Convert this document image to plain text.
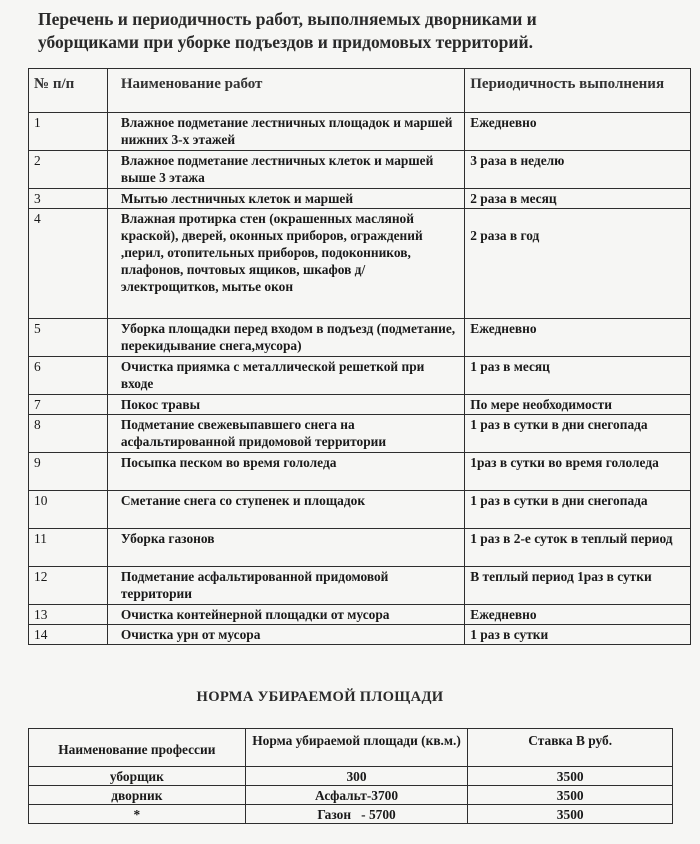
Перечень и периодичность работ, выполняемых дворниками и
уборщиками при уборке подъездов и придомовых территорий.
№ п/п	Наименование работ	Периодичность выполнения
1	Влажное подметание лестничных площадок и маршей нижних 3-х этажей	Ежедневно
2	Влажное подметание лестничных клеток и маршей выше 3 этажа	3 раза в неделю
3	Мытью лестничных клеток и маршей	2 раза в месяц
4	Влажная протирка стен (окрашенных масляной краской), дверей, оконных приборов, ограждений ,перил, отопительных приборов, подоконников, плафонов, почтовых ящиков, шкафов д/электрощитков, мытье окон	2 раза в год
5	Уборка площадки перед входом в подъезд (подметание, перекидывание снега,мусора)	Ежедневно
6	Очистка приямка с металлической решеткой при входе	1 раз в месяц
7	Покос травы	По мере необходимости
8	Подметание свежевыпавшего снега на асфальтированной придомовой территории	1 раз в сутки в дни снегопада
9	Посыпка песком во время гололеда	1раз в сутки во время гололеда
10	Сметание снега со ступенек и площадок	1 раз в сутки в дни снегопада
11	Уборка газонов	1 раз в 2-е суток в теплый период
12	Подметание асфальтированной придомовой территории	В теплый период 1раз в сутки
13	Очистка контейнерной площадки от мусора	Ежедневно
14	Очистка урн от мусора	1 раз в сутки
НОРМА УБИРАЕМОЙ ПЛОЩАДИ
Наименование профессии	Норма убираемой площади (кв.м.)	Ставка В руб.
уборщик	300	3500
дворник	Асфальт-3700	3500
*	Газон   - 5700	3500
